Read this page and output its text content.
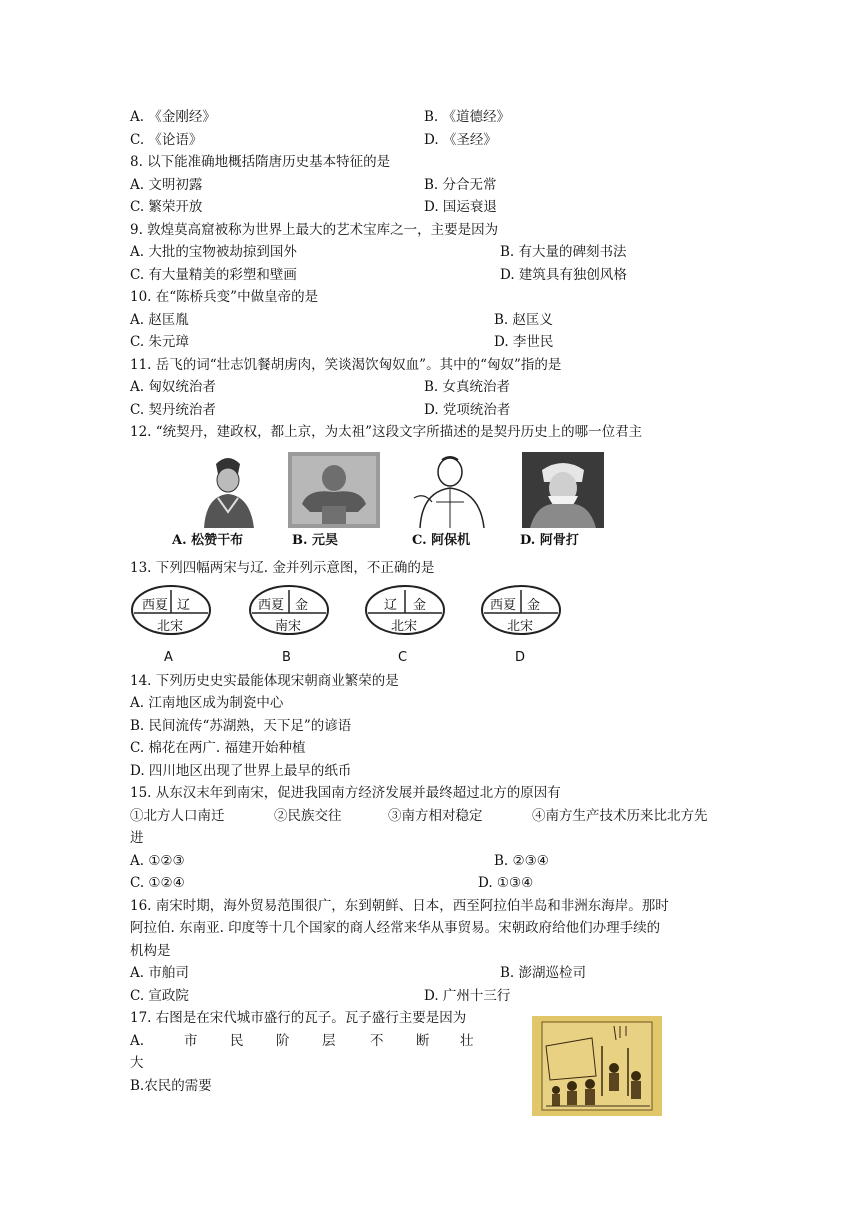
A. 《金刚经》	B. 《道德经》
C. 《论语》	D. 《圣经》
8. 以下能准确地概括隋唐历史基本特征的是
A. 文明初露	B. 分合无常
C. 繁荣开放	D. 国运衰退
9. 敦煌莫高窟被称为世界上最大的艺术宝库之一，主要是因为
A. 大批的宝物被劫掠到国外	B. 有大量的碑刻书法
C. 有大量精美的彩塑和壁画	D. 建筑具有独创风格
10. 在“陈桥兵变”中做皇帝的是
A. 赵匡胤	B. 赵匡义
C. 朱元璋	D. 李世民
11. 岳飞的词“壮志饥餐胡虏肉，笑谈渴饮匈奴血”。其中的“匈奴”指的是
A. 匈奴统治者	B. 女真统治者
C. 契丹统治者	D. 党项统治者
12. “统契丹，建政权，都上京，为太祖”这段文字所描述的是契丹历史上的哪一位君主
A. 松赞干布	B. 元昊	C. 阿保机	D. 阿骨打
13. 下列四幅两宋与辽. 金并列示意图，不正确的是
西夏 辽
北宋
西夏 金
南宋
辽 金
北宋
西夏 金
北宋
A	B	C	D
14. 下列历史史实最能体现宋朝商业繁荣的是
A. 江南地区成为制瓷中心
B. 民间流传“苏湖熟，天下足”的谚语
C. 棉花在两广. 福建开始种植
D. 四川地区出现了世界上最早的纸币
15. 从东汉末年到南宋，促进我国南方经济发展并最终超过北方的原因有
①北方人口南迁	②民族交往	③南方相对稳定	④南方生产技术历来比北方先
进
A. ①②③	B. ②③④
C. ①②④	D. ①③④
16. 南宋时期，海外贸易范围很广，东到朝鲜、日本，西至阿拉伯半岛和非洲东海岸。那时
阿拉伯. 东南亚. 印度等十几个国家的商人经常来华从事贸易。宋朝政府给他们办理手续的
机构是
A. 市舶司	B. 澎湖巡检司
C. 宣政院	D. 广州十三行
17. 右图是在宋代城市盛行的瓦子。瓦子盛行主要是因为
A.	市 民 阶 层	不 断 壮
大
B.农民的需要
